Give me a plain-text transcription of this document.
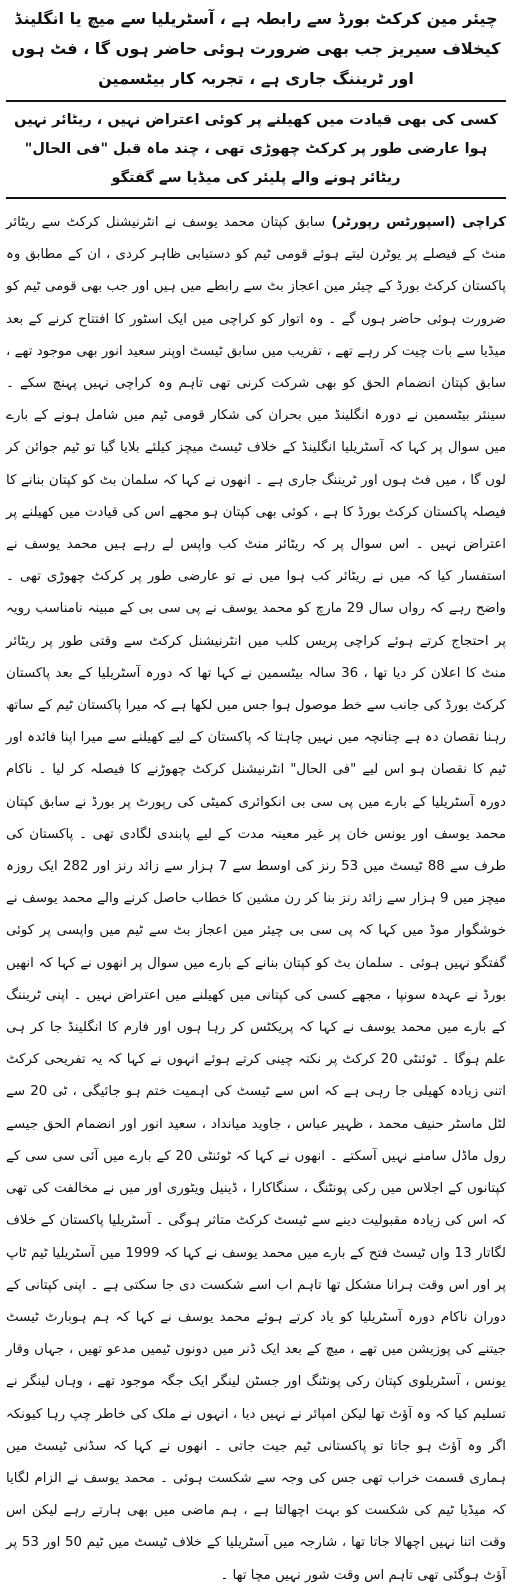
چیئر مین کرکٹ بورڈ سے رابطہ ہے ، آسٹریلیا سے میچ یا انگلینڈ کیخلاف سیریز جب بھی ضرورت ہوئی حاضر ہوں گا ، فٹ ہوں اور ٹریننگ جاری ہے ، تجربہ کار بیٹسمین
کسی کی بھی قیادت میں کھیلنے پر کوئی اعتراض نہیں ، ریٹائر نہیں ہوا عارضی طور پر کرکٹ چھوڑی تھی ، چند ماہ قبل "فی الحال" ریٹائر ہونے والے پلیئر کی میڈیا سے گفتگو

کراچی (اسپورٹس رپورٹر) سابق کپتان محمد یوسف نے انٹرنیشنل کرکٹ سے ریٹائر منٹ کے فیصلے پر یوٹرن لیتے ہوئے قومی ٹیم کو دستیابی ظاہر کردی ، ان کے مطابق وہ پاکستان کرکٹ بورڈ کے چیئر مین اعجاز بٹ سے رابطے میں ہیں اور جب بھی قومی ٹیم کو ضرورت ہوئی حاضر ہوں گے ۔ وہ اتوار کو کراچی میں ایک اسٹور کا افتتاح کرنے کے بعد میڈیا سے بات چیت کر رہے تھے ، تقریب میں سابق ٹیسٹ اوپنر سعید انور بھی موجود تھے ، سابق کپتان انضمام الحق کو بھی شرکت کرنی تھی تاہم وہ کراچی نہیں پہنچ سکے ۔ سینئر بیٹسمین نے دورہ انگلینڈ میں بحران کی شکار قومی ٹیم میں شامل ہونے کے بارے میں سوال پر کہا کہ آسٹریلیا انگلینڈ کے خلاف ٹیسٹ میچز کیلئے بلایا گیا تو ٹیم جوائن کر لوں گا ، میں فٹ ہوں اور ٹریننگ جاری ہے ۔ انھوں نے کہا کہ سلمان بٹ کو کپتان بنانے کا فیصلہ پاکستان کرکٹ بورڈ کا ہے ، کوئی بھی کپتان ہو مجھے اس کی قیادت میں کھیلنے پر اعتراض نہیں ۔ اس سوال پر کہ ریٹائر منٹ کب واپس لے رہے ہیں محمد یوسف نے استفسار کیا کہ میں نے ریٹائر کب ہوا میں نے تو عارضی طور پر کرکٹ چھوڑی تھی ۔ واضح رہے کہ رواں سال 29 مارچ کو محمد یوسف نے پی سی بی کے مبینہ نامناسب رویہ پر احتجاج کرتے ہوئے کراچی پریس کلب میں انٹرنیشنل کرکٹ سے وقتی طور پر ریٹائر منٹ کا اعلان کر دیا تھا ، 36 سالہ بیٹسمین نے کہا تھا کہ دورہ آسٹریلیا کے بعد پاکستان کرکٹ بورڈ کی جانب سے خط موصول ہوا جس میں لکھا ہے کہ میرا پاکستان ٹیم کے ساتھ رہنا نقصان دہ ہے چنانچہ میں نہیں چاہتا کہ پاکستان کے لیے کھیلنے سے میرا اپنا فائدہ اور ٹیم کا نقصان ہو اس لیے "فی الحال" انٹرنیشنل کرکٹ چھوڑنے کا فیصلہ کر لیا ۔ ناکام دورہ آسٹریلیا کے بارے میں پی سی بی انکوائری کمیٹی کی رپورٹ پر بورڈ نے سابق کپتان محمد یوسف اور یونس خان پر غیر معینہ مدت کے لیے پابندی لگادی تھی ۔ پاکستان کی طرف سے 88 ٹیسٹ میں 53 رنز کی اوسط سے 7 ہزار سے زائد رنز اور 282 ایک روزہ میچز میں 9 ہزار سے زائد رنز بنا کر رن مشین کا خطاب حاصل کرنے والے محمد یوسف نے خوشگوار موڈ میں کہا کہ پی سی بی چیئر مین اعجاز بٹ سے ٹیم میں واپسی پر کوئی گفتگو نہیں ہوئی ۔ سلمان بٹ کو کپتان بنانے کے بارے میں سوال پر انھوں نے کہا کہ انھیں بورڈ نے عہدہ سونپا ، مجھے کسی کی کپتانی میں کھیلنے میں اعتراض نہیں ۔ اپنی ٹریننگ کے بارے میں محمد یوسف نے کہا کہ پریکٹس کر رہا ہوں اور فارم کا انگلینڈ جا کر ہی علم ہوگا ۔ ٹوئنٹی 20 کرکٹ پر نکتہ چینی کرتے ہوئے انہوں نے کہا کہ یہ تفریحی کرکٹ اتنی زیادہ کھیلی جا رہی ہے کہ اس سے ٹیسٹ کی اہمیت ختم ہو جائیگی ، ٹی 20 سے لٹل ماسٹر حنیف محمد ، ظہیر عباس ، جاوید میانداد ، سعید انور اور انضمام الحق جیسے رول ماڈل سامنے نہیں آسکتے ۔ انھوں نے کہا کہ ٹوئنٹی 20 کے بارے میں آئی سی سی کے کپتانوں کے اجلاس میں رکی پونٹنگ ، سنگاکارا ، ڈینیل ویٹوری اور میں نے مخالفت کی تھی کہ اس کی زیادہ مقبولیت دینے سے ٹیسٹ کرکٹ متاثر ہوگی ۔ آسٹریلیا پاکستان کے خلاف لگاتار 13 واں ٹیسٹ فتح کے بارے میں محمد یوسف نے کہا کہ 1999 میں آسٹریلیا ٹیم ٹاپ پر اور اس وقت ہرانا مشکل تھا تاہم اب اسے شکست دی جا سکتی ہے ۔ اپنی کپتانی کے دوران ناکام دورہ آسٹریلیا کو یاد کرتے ہوئے محمد یوسف نے کہا کہ ہم ہوبارٹ ٹیسٹ جیتنے کی پوزیشن میں تھے ، میچ کے بعد ایک ڈنر میں دونوں ٹیمیں مدعو تھیں ، جہاں وقار یونس ، آسٹریلوی کپتان رکی پونٹنگ اور جسٹن لینگر ایک جگہ موجود تھے ، وہاں لینگر نے تسلیم کیا کہ وہ آؤٹ تھا لیکن امپائر نے نہیں دیا ، انہوں نے ملک کی خاطر چپ رہا کیونکہ اگر وہ آؤٹ ہو جاتا تو پاکستانی ٹیم جیت جاتی ۔ انھوں نے کہا کہ سڈنی ٹیسٹ میں ہماری قسمت خراب تھی جس کی وجہ سے شکست ہوئی ۔ محمد یوسف نے الزام لگایا کہ میڈیا ٹیم کی شکست کو بہت اچھالتا ہے ، ہم ماضی میں بھی ہارتے رہے لیکن اس وقت اتنا نہیں اچھالا جاتا تھا ، شارجہ میں آسٹریلیا کے خلاف ٹیسٹ میں ٹیم 50 اور 53 پر آؤٹ ہوگئی تھی تاہم اس وقت شور نہیں مچا تھا ۔
